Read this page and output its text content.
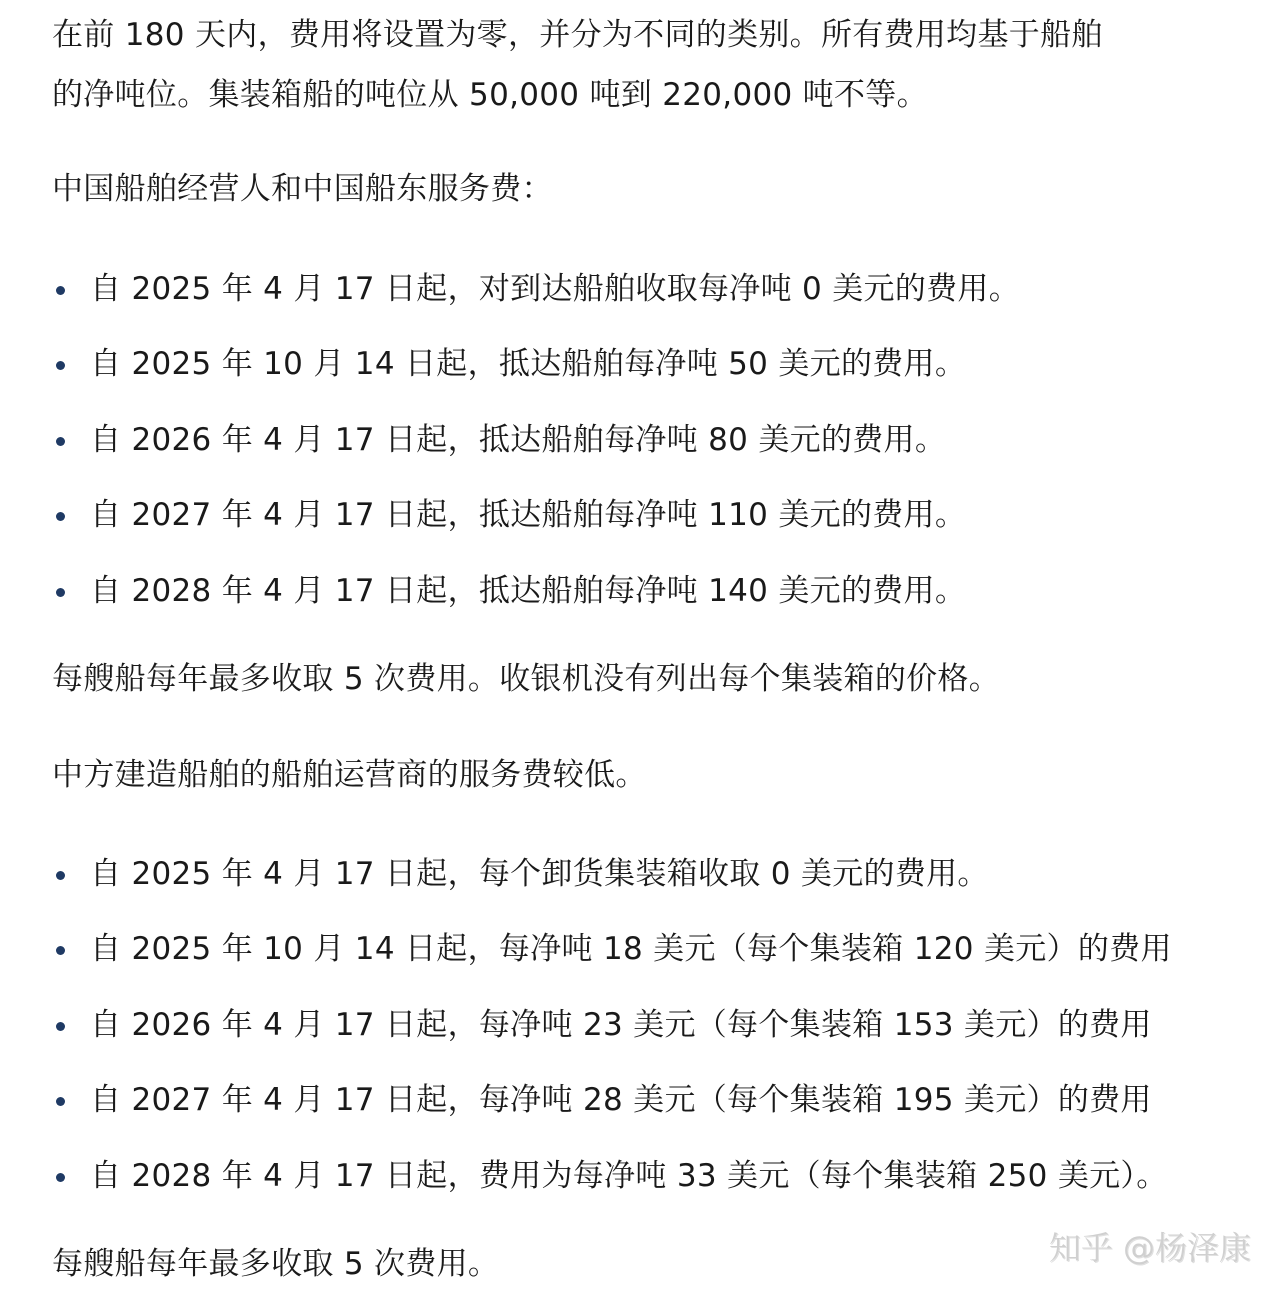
在前 180 天内，费用将设置为零，并分为不同的类别。所有费用均基于船舶

的净吨位。集装箱船的吨位从 50,000 吨到 220,000 吨不等。

中国船舶经营人和中国船东服务费：

自 2025 年 4 月 17 日起，对到达船舶收取每净吨 0 美元的费用。
自 2025 年 10 月 14 日起，抵达船舶每净吨 50 美元的费用。
自 2026 年 4 月 17 日起，抵达船舶每净吨 80 美元的费用。
自 2027 年 4 月 17 日起，抵达船舶每净吨 110 美元的费用。
自 2028 年 4 月 17 日起，抵达船舶每净吨 140 美元的费用。

每艘船每年最多收取 5 次费用。收银机没有列出每个集装箱的价格。

中方建造船舶的船舶运营商的服务费较低。

自 2025 年 4 月 17 日起，每个卸货集装箱收取 0 美元的费用。
自 2025 年 10 月 14 日起，每净吨 18 美元（每个集装箱 120 美元）的费用
自 2026 年 4 月 17 日起，每净吨 23 美元（每个集装箱 153 美元）的费用
自 2027 年 4 月 17 日起，每净吨 28 美元（每个集装箱 195 美元）的费用
自 2028 年 4 月 17 日起，费用为每净吨 33 美元（每个集装箱 250 美元）。

每艘船每年最多收取 5 次费用。	知乎 @杨泽康
